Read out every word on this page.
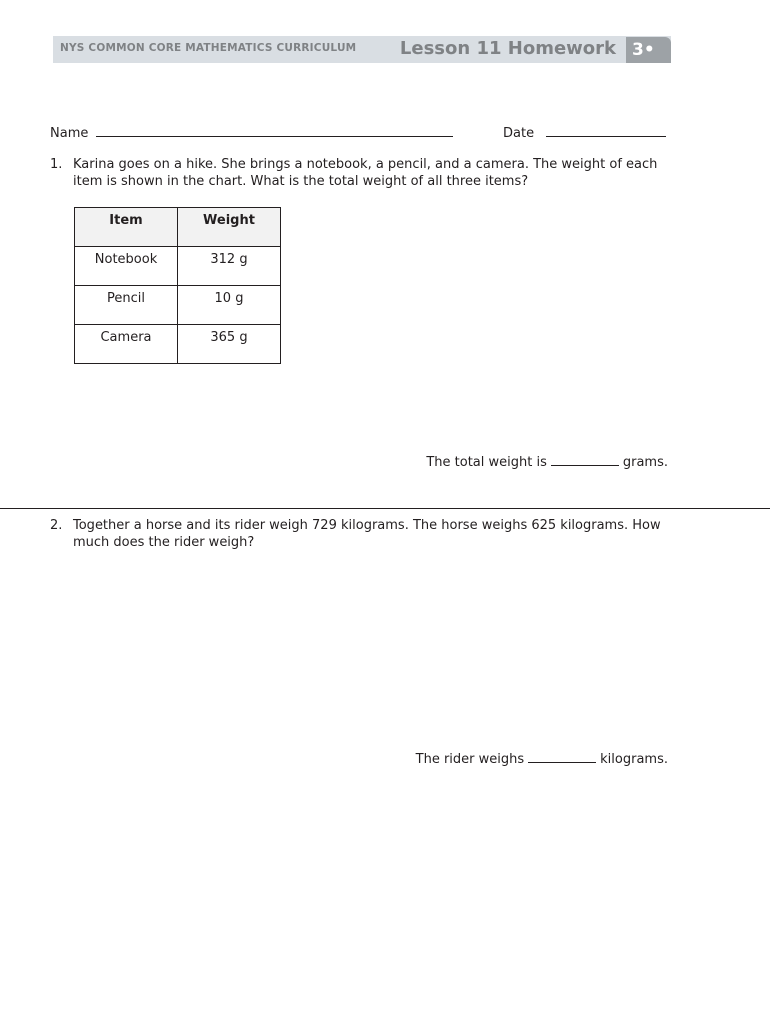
NYS COMMON CORE MATHEMATICS CURRICULUM Lesson 11 Homework 3•
Name	Date
1. Karina goes on a hike. She brings a notebook, a pencil, and a camera. The weight of each item is shown in the chart. What is the total weight of all three items?
Item	Weight
Notebook	312 g
Pencil	10 g
Camera	365 g
The total weight is	grams.
2. Together a horse and its rider weigh 729 kilograms. The horse weighs 625 kilograms. How much does the rider weigh?
The rider weighs	kilograms.
